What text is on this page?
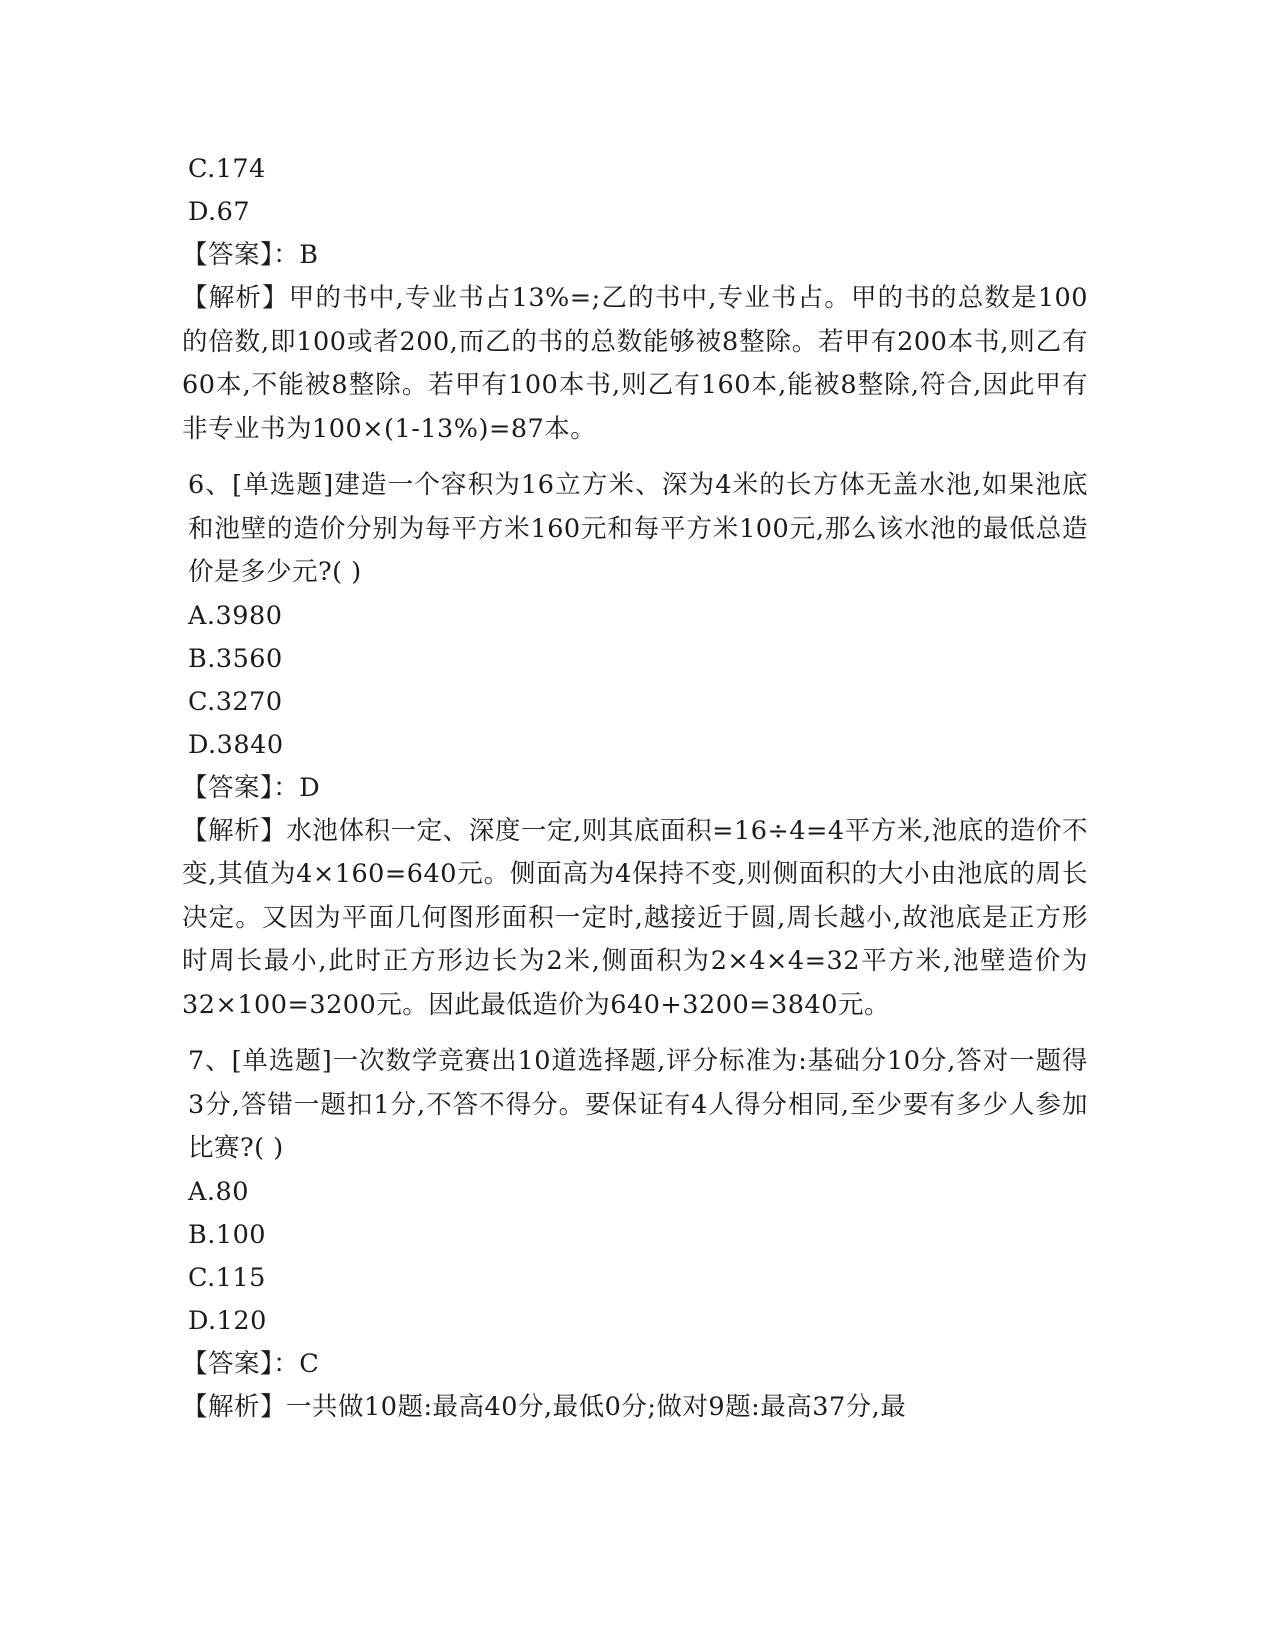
C.174
D.67
【答案】：B
【解析】甲的书中,专业书占13%=;乙的书中,专业书占。甲的书的总数是100的倍数,即100或者200,而乙的书的总数能够被8整除。若甲有200本书,则乙有60本,不能被8整除。若甲有100本书,则乙有160本,能被8整除,符合,因此甲有非专业书为100×(1-13%)=87本。
6、[单选题]建造一个容积为16立方米、深为4米的长方体无盖水池,如果池底和池壁的造价分别为每平方米160元和每平方米100元,那么该水池的最低总造价是多少元?( )
A.3980
B.3560
C.3270
D.3840
【答案】：D
【解析】水池体积一定、深度一定,则其底面积=16÷4=4平方米,池底的造价不变,其值为4×160=640元。侧面高为4保持不变,则侧面积的大小由池底的周长决定。又因为平面几何图形面积一定时,越接近于圆,周长越小,故池底是正方形时周长最小,此时正方形边长为2米,侧面积为2×4×4=32平方米,池壁造价为32×100=3200元。因此最低造价为640+3200=3840元。
7、[单选题]一次数学竞赛出10道选择题,评分标准为:基础分10分,答对一题得3分,答错一题扣1分,不答不得分。要保证有4人得分相同,至少要有多少人参加比赛?( )
A.80
B.100
C.115
D.120
【答案】：C
【解析】一共做10题:最高40分,最低0分;做对9题:最高37分,最
